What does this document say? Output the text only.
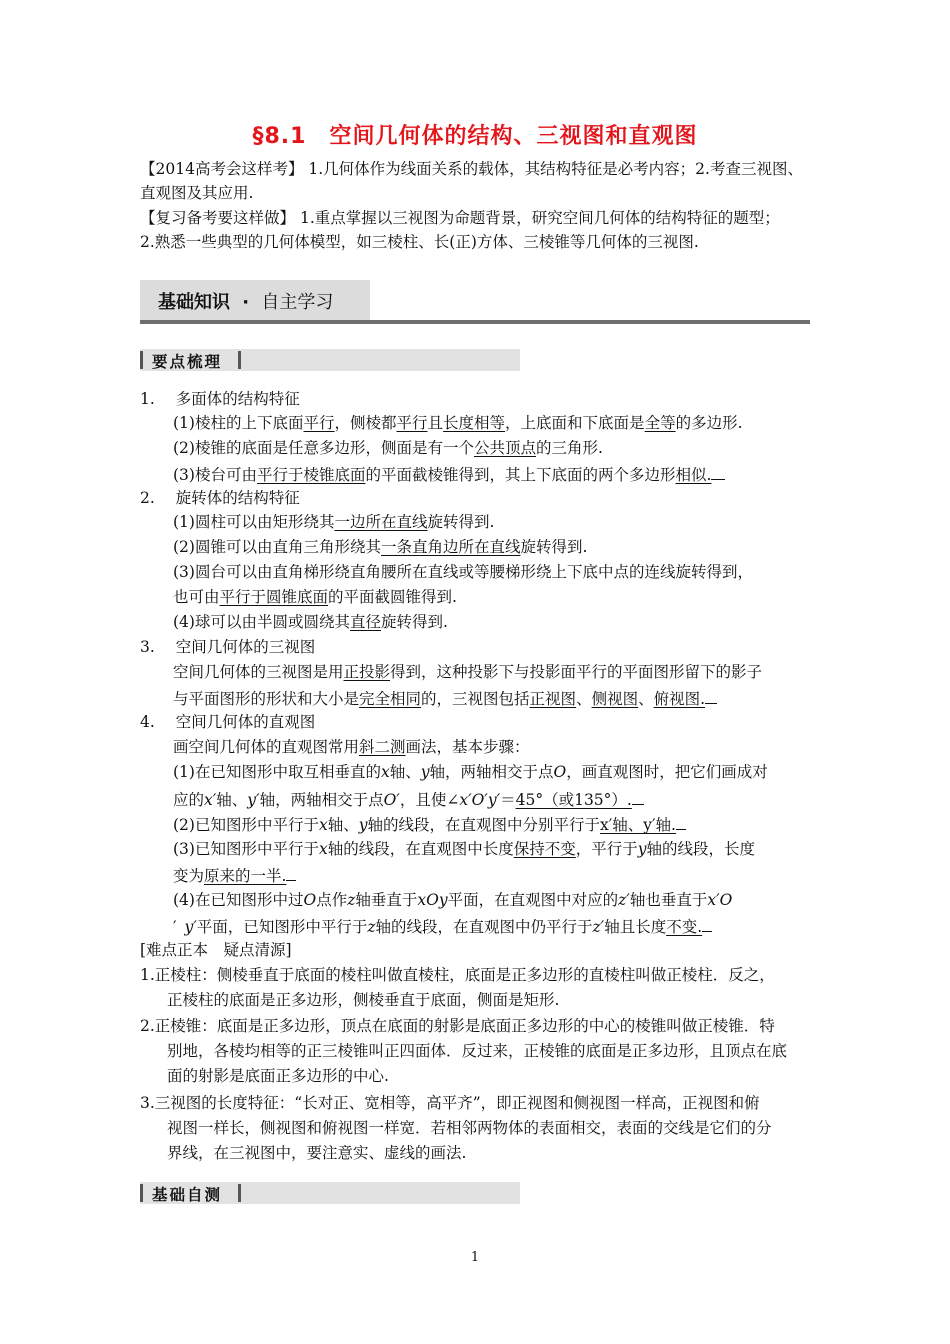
§8.1　空间几何体的结构、三视图和直观图
【2014高考会这样考】 1.几何体作为线面关系的载体，其结构特征是必考内容；2.考查三视图、
直观图及其应用.
【复习备考要这样做】 1.重点掌握以三视图为命题背景，研究空间几何体的结构特征的题型；
2.熟悉一些典型的几何体模型，如三棱柱、长(正)方体、三棱锥等几何体的三视图.
基础知识 · 自主学习
要点梳理
1. 多面体的结构特征
(1)棱柱的上下底面平行，侧棱都平行且长度相等，上底面和下底面是全等的多边形.
(2)棱锥的底面是任意多边形，侧面是有一个公共顶点的三角形.
(3)棱台可由平行于棱锥底面的平面截棱锥得到，其上下底面的两个多边形相似.
2. 旋转体的结构特征
(1)圆柱可以由矩形绕其一边所在直线旋转得到.
(2)圆锥可以由直角三角形绕其一条直角边所在直线旋转得到.
(3)圆台可以由直角梯形绕直角腰所在直线或等腰梯形绕上下底中点的连线旋转得到，
也可由平行于圆锥底面的平面截圆锥得到.
(4)球可以由半圆或圆绕其直径旋转得到.
3. 空间几何体的三视图
空间几何体的三视图是用正投影得到，这种投影下与投影面平行的平面图形留下的影子
与平面图形的形状和大小是完全相同的，三视图包括正视图、侧视图、俯视图.
4. 空间几何体的直观图
画空间几何体的直观图常用斜二测画法，基本步骤：
(1)在已知图形中取互相垂直的x轴、y轴，两轴相交于点O，画直观图时，把它们画成对
应的x′轴、y′轴，两轴相交于点O′，且使∠x′O′y′＝45°（或135°）.
(2)已知图形中平行于x轴、y轴的线段，在直观图中分别平行于x′轴、y′轴.
(3)已知图形中平行于x轴的线段，在直观图中长度保持不变，平行于y轴的线段，长度
变为原来的一半.
(4)在已知图形中过O点作z轴垂直于xOy平面，在直观图中对应的z′轴也垂直于x′O
′ y′平面，已知图形中平行于z轴的线段，在直观图中仍平行于z′轴且长度不变.
[难点正本　疑点清源]
1.正棱柱：侧棱垂直于底面的棱柱叫做直棱柱，底面是正多边形的直棱柱叫做正棱柱．反之，
正棱柱的底面是正多边形，侧棱垂直于底面，侧面是矩形.
2.正棱锥：底面是正多边形，顶点在底面的射影是底面正多边形的中心的棱锥叫做正棱锥．特
别地，各棱均相等的正三棱锥叫正四面体．反过来，正棱锥的底面是正多边形，且顶点在底
面的射影是底面正多边形的中心.
3.三视图的长度特征：“长对正、宽相等，高平齐”，即正视图和侧视图一样高，正视图和俯
视图一样长，侧视图和俯视图一样宽．若相邻两物体的表面相交，表面的交线是它们的分
界线，在三视图中，要注意实、虚线的画法.
基础自测
1
